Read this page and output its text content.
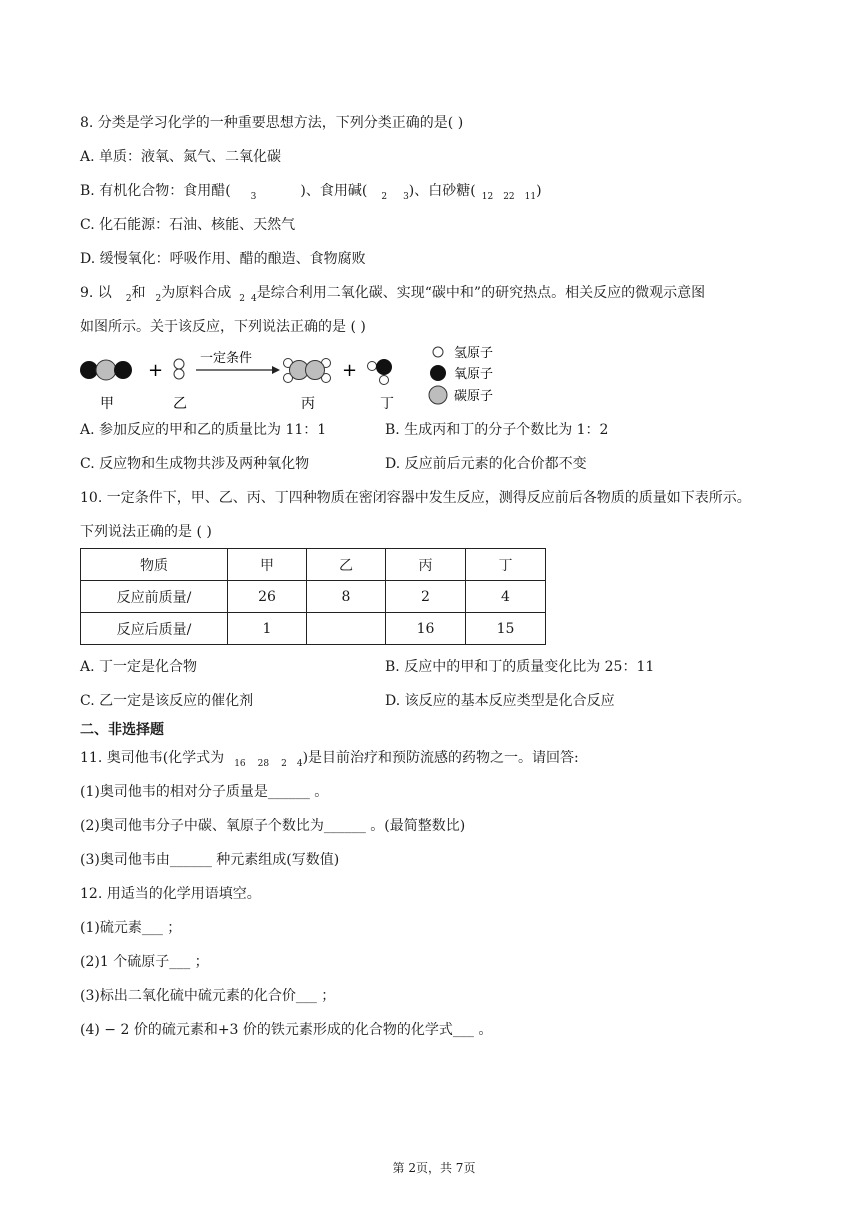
8. 分类是学习化学的一种重要思想方法，下列分类正确的是( )
A. 单质：液氧、氮气、二氧化碳
B. 有机化合物：食用醋( $_3$	)、食用碱( $_2$ $_3$)、白砂糖( $_{12}$ $_{22}$ $_{11}$)
C. 化石能源：石油、核能、天然气
D. 缓慢氧化：呼吸作用、醋的酿造、食物腐败
9. 以 $_2$和 $_2$为原料合成 $_2$ $_4$是综合利用二氧化碳、实现“碳中和”的研究热点。相关反应的微观示意图
如图所示。关于该反应，下列说法正确的是 ( )
+
一定条件
+
甲	乙	丙	丁
氢原子
氧原子
碳原子
A. 参加反应的甲和乙的质量比为 11：1	B. 生成丙和丁的分子个数比为 1：2
C. 反应物和生成物共涉及两种氧化物	D. 反应前后元素的化合价都不变
10. 一定条件下，甲、乙、丙、丁四种物质在密闭容器中发生反应，测得反应前后各物质的质量如下表所示。
下列说法正确的是 ( )
物质	甲	乙	丙	丁
反应前质量/	26	8	2	4
反应后质量/	1		16	15
A. 丁一定是化合物	B. 反应中的甲和丁的质量变化比为 25：11
C. 乙一定是该反应的催化剂	D. 该反应的基本反应类型是化合反应
二、非选择题
11. 奥司他韦(化学式为 $_{16}$ $_{28}$ $_2$ $_4$)是目前治疗和预防流感的药物之一。请回答:
(1)奥司他韦的相对分子质量是______ 。
(2)奥司他韦分子中碳、氧原子个数比为______ 。(最简整数比)
(3)奥司他韦由______ 种元素组成(写数值)
12. 用适当的化学用语填空。
(1)硫元素___ ；
(2)1 个硫原子___ ；
(3)标出二氧化硫中硫元素的化合价___ ；
(4) − 2 价的硫元素和+3 价的铁元素形成的化合物的化学式___ 。
第 2页，共 7页
